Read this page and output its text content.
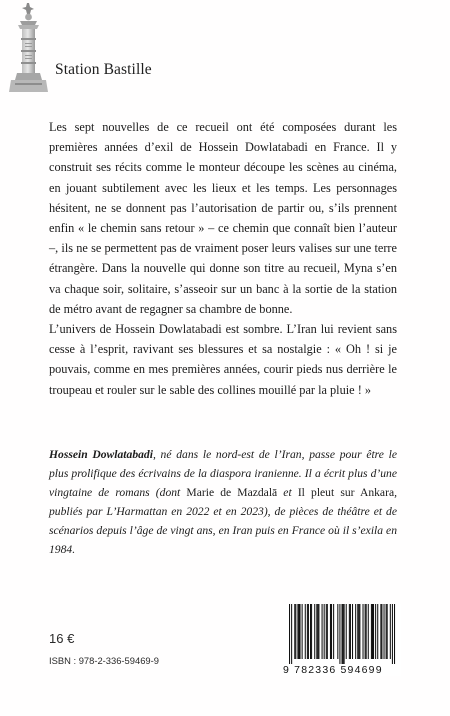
Station Bastille

Les sept nouvelles de ce recueil ont été composées durant les premières années d’exil de Hossein Dowlatabadi en France. Il y construit ses récits comme le monteur découpe les scènes au cinéma, en jouant subtilement avec les lieux et les temps. Les personnages hésitent, ne se donnent pas l’autorisation de partir ou, s’ils prennent enfin « le chemin sans retour » – ce chemin que connaît bien l’auteur –, ils ne se permettent pas de vraiment poser leurs valises sur une terre étrangère. Dans la nouvelle qui donne son titre au recueil, Myna s’en va chaque soir, solitaire, s’asseoir sur un banc à la sortie de la station de métro avant de regagner sa chambre de bonne.

L’univers de Hossein Dowlatabadi est sombre. L’Iran lui revient sans cesse à l’esprit, ravivant ses blessures et sa nostalgie : « Oh ! si je pouvais, comme en mes premières années, courir pieds nus derrière le troupeau et rouler sur le sable des collines mouillé par la pluie ! »

Hossein Dowlatabadi, né dans le nord-est de l’Iran, passe pour être le plus prolifique des écrivains de la diaspora iranienne. Il a écrit plus d’une vingtaine de romans (dont Marie de Mazdalā et Il pleut sur Ankara, publiés par L’Harmattan en 2022 et en 2023), de pièces de théâtre et de scénarios depuis l’âge de vingt ans, en Iran puis en France où il s’exila en 1984.

16 €
ISBN : 978-2-336-59469-9
9 782336 594699
